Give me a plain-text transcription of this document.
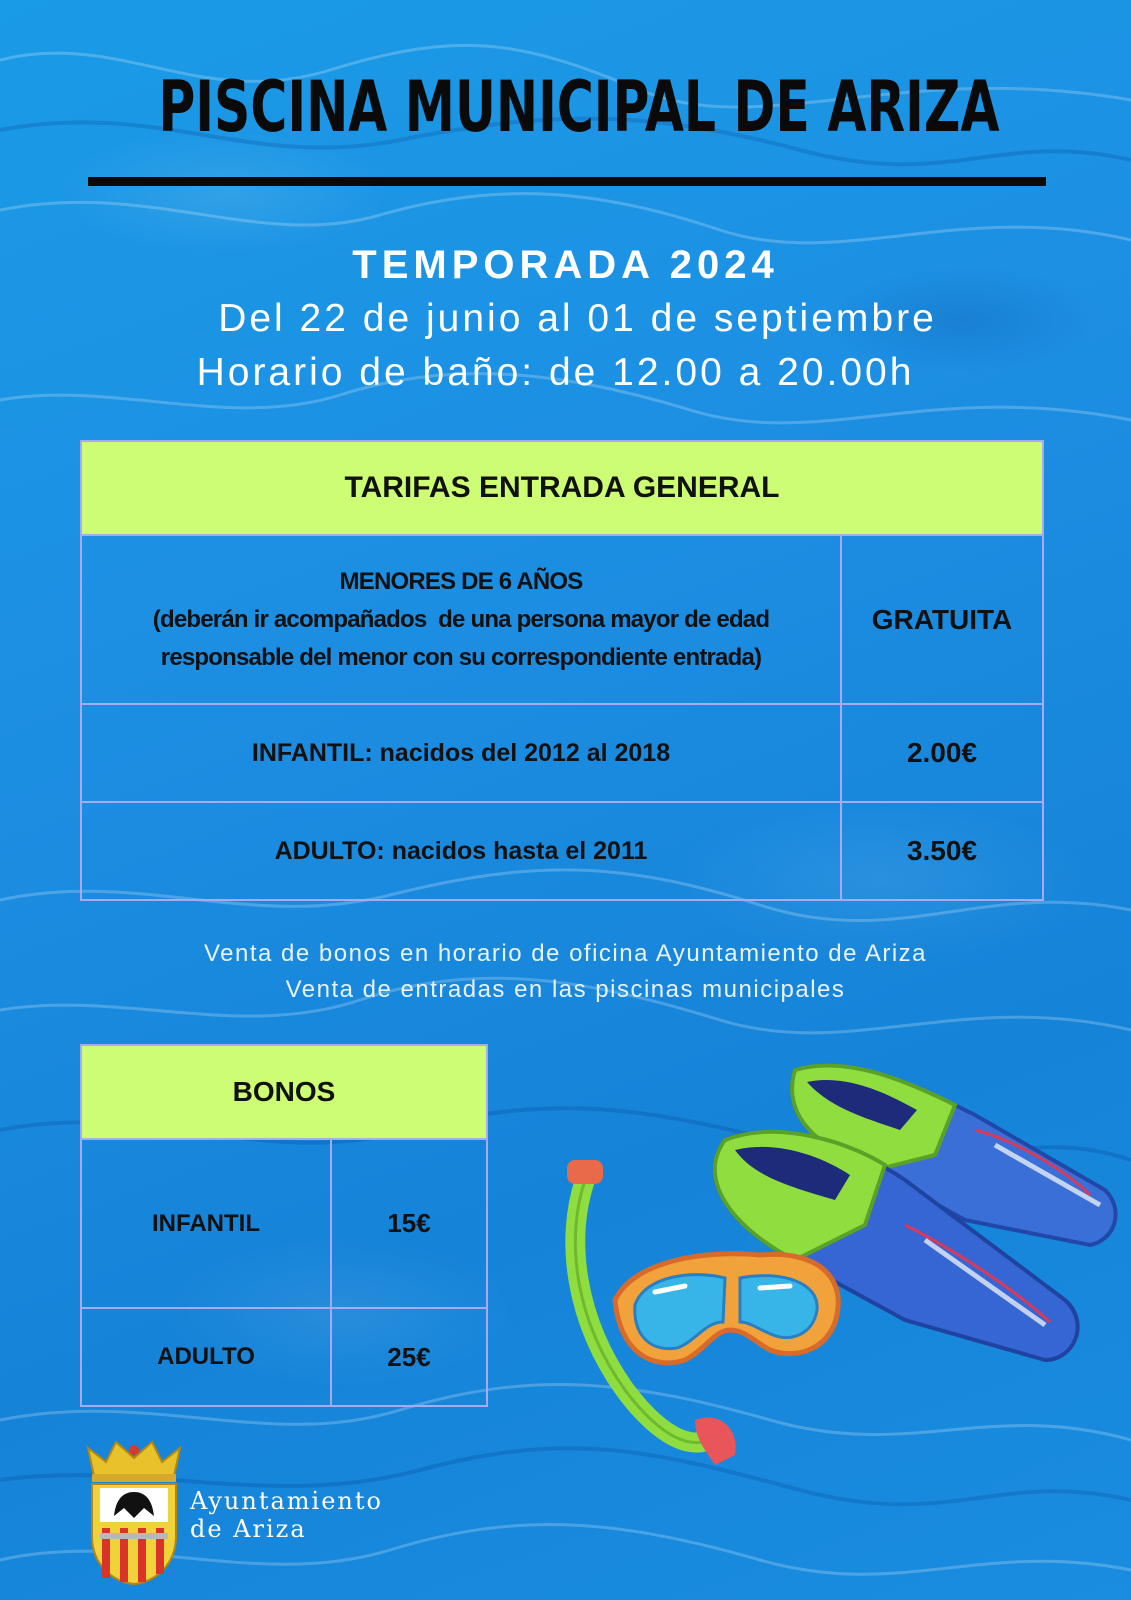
PISCINA MUNICIPAL DE ARIZA
TEMPORADA 2024
Del 22 de junio al 01 de septiembre
Horario de baño: de 12.00 a 20.00h
TARIFAS ENTRADA GENERAL	

MENORES DE 6 AÑOS
(deberán ir acompañados  de una persona mayor de edad
responsable del menor con su correspondiente entrada)	GRATUITA
INFANTIL: nacidos del 2012 al 2018	2.00€
ADULTO: nacidos hasta el 2011	3.50€
Venta de bonos en horario de oficina Ayuntamiento de Ariza
Venta de entradas en las piscinas municipales
BONOS	
INFANTIL	15€
ADULTO	25€
Ayuntamiento
de Ariza
